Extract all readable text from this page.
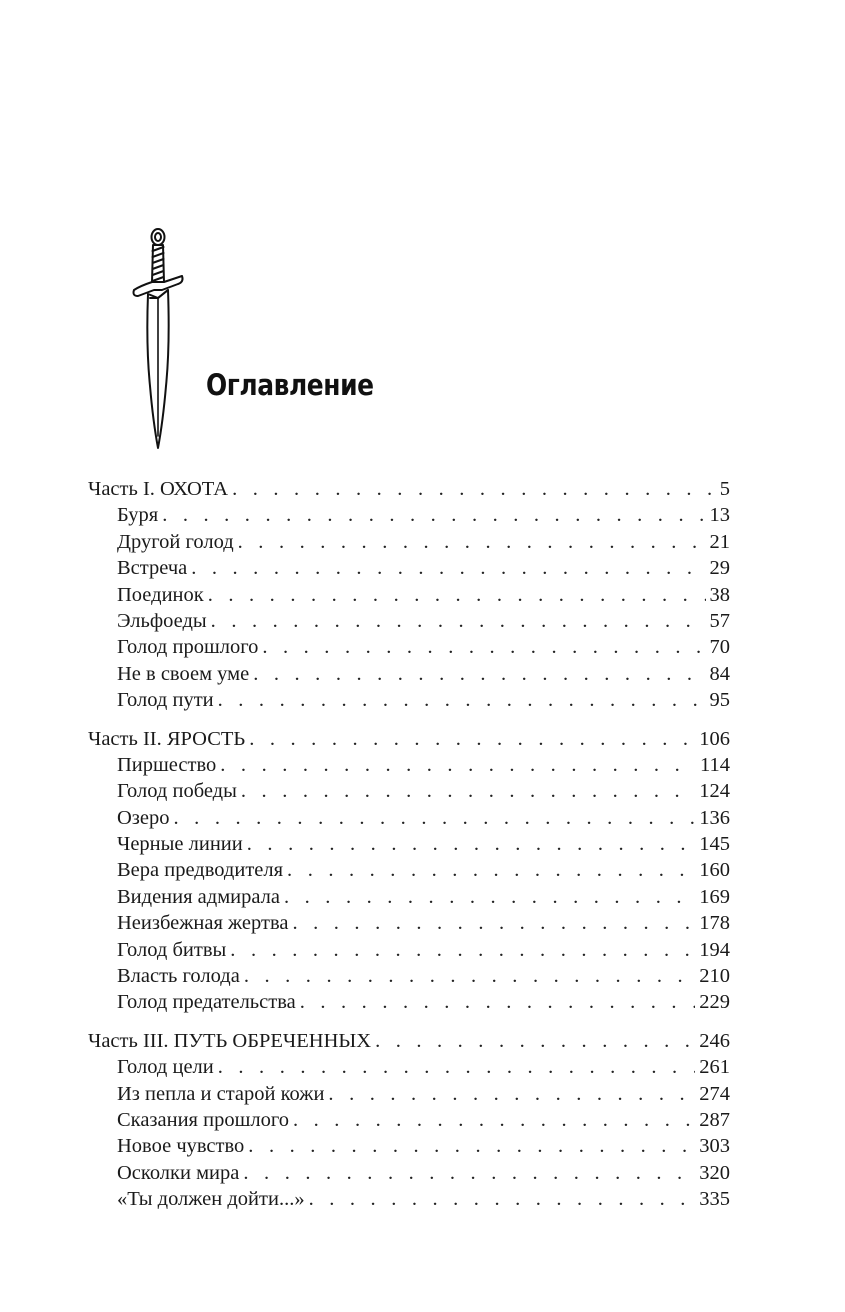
Оглавление
Часть I. ОХОТА . . .	5
Буря . . .	13
Другой голод . . .	21
Встреча . . .	29
Поединок . . .	38
Эльфоеды . . .	57
Голод прошлого . . .	70
Не в своем уме . . .	84
Голод пути . . .	95
Часть II. ЯРОСТЬ . . .	106
Пиршество . . .	114
Голод победы . . .	124
Озеро . . .	136
Черные линии . . .	145
Вера предводителя . . .	160
Видения адмирала . . .	169
Неизбежная жертва . . .	178
Голод битвы . . .	194
Власть голода . . .	210
Голод предательства . . .	229
Часть III. ПУТЬ ОБРЕЧЕННЫХ . . .	246
Голод цели . . .	261
Из пепла и старой кожи . . .	274
Сказания прошлого . . .	287
Новое чувство . . .	303
Осколки мира . . .	320
«Ты должен дойти...» . . .	335
